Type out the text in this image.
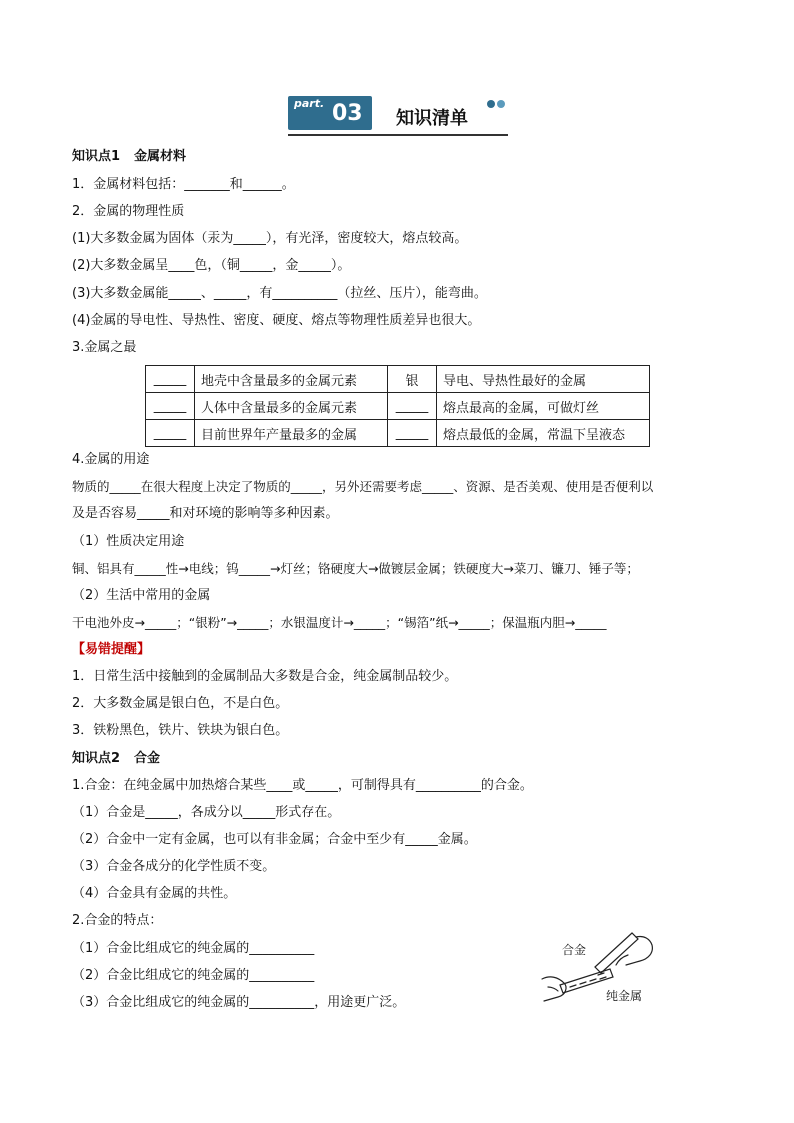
part. 03 知识清单
知识点1 金属材料
1．金属材料包括：_______和______。
2．金属的物理性质
(1)大多数金属为固体（汞为_____），有光泽，密度较大，熔点较高。
(2)大多数金属呈____色，（铜_____，金_____）。
(3)大多数金属能_____、_____，有__________（拉丝、压片），能弯曲。
(4)金属的导电性、导热性、密度、硬度、熔点等物理性质差异也很大。
3.金属之最
_____	地壳中含量最多的金属元素	银	导电、导热性最好的金属
_____	人体中含量最多的金属元素	_____	熔点最高的金属，可做灯丝
_____	目前世界年产量最多的金属	_____	熔点最低的金属，常温下呈液态
4.金属的用途
物质的_____在很大程度上决定了物质的_____，另外还需要考虑_____、资源、是否美观、使用是否便利以
及是否容易_____和对环境的影响等多种因素。
（1）性质决定用途
铜、铝具有_____性→电线；钨_____→灯丝；铬硬度大→做镀层金属；铁硬度大→菜刀、镰刀、锤子等；
（2）生活中常用的金属
干电池外皮→_____；“银粉”→_____；水银温度计→_____；“锡箔”纸→_____；保温瓶内胆→_____
【易错提醒】
1．日常生活中接触到的金属制品大多数是合金，纯金属制品较少。
2．大多数金属是银白色，不是白色。
3．铁粉黑色，铁片、铁块为银白色。
知识点2 合金
1.合金：在纯金属中加热熔合某些____或_____，可制得具有__________的合金。
（1）合金是_____，各成分以_____形式存在。
（2）合金中一定有金属，也可以有非金属；合金中至少有_____金属。
（3）合金各成分的化学性质不变。
（4）合金具有金属的共性。
2.合金的特点：
（1）合金比组成它的纯金属的__________
（2）合金比组成它的纯金属的__________
（3）合金比组成它的纯金属的__________，用途更广泛。
合金
纯金属
